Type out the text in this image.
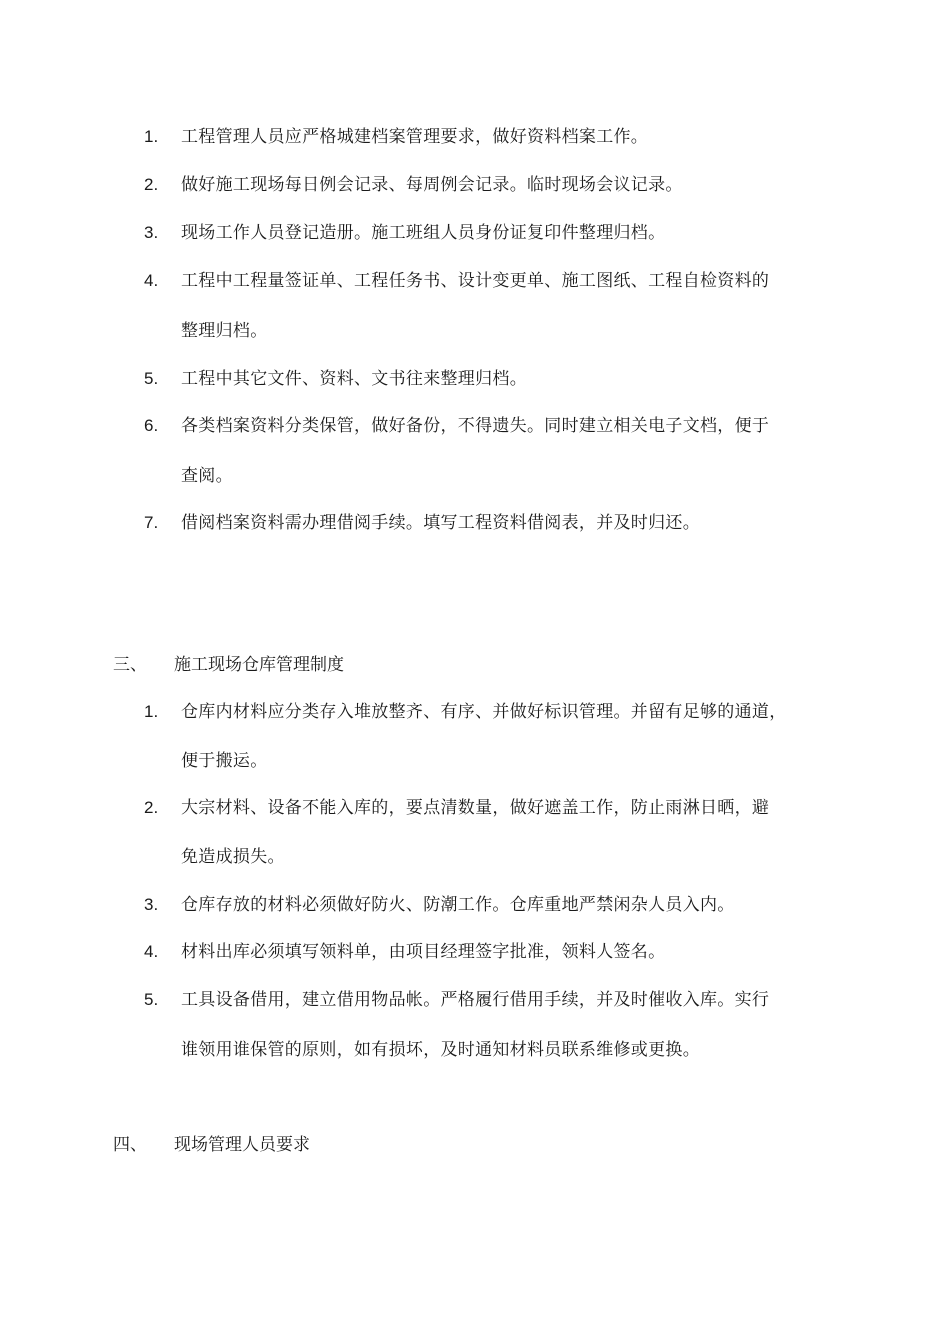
1. 工程管理人员应严格城建档案管理要求，做好资料档案工作。
2. 做好施工现场每日例会记录、每周例会记录。临时现场会议记录。
3. 现场工作人员登记造册。施工班组人员身份证复印件整理归档。
4. 工程中工程量签证单、工程任务书、设计变更单、施工图纸、工程自检资料的
整理归档。
5. 工程中其它文件、资料、文书往来整理归档。
6. 各类档案资料分类保管，做好备份，不得遗失。同时建立相关电子文档，便于
查阅。
7. 借阅档案资料需办理借阅手续。填写工程资料借阅表，并及时归还。
三、 施工现场仓库管理制度
1. 仓库内材料应分类存入堆放整齐、有序、并做好标识管理。并留有足够的通道，
便于搬运。
2. 大宗材料、设备不能入库的，要点清数量，做好遮盖工作，防止雨淋日晒，避
免造成损失。
3. 仓库存放的材料必须做好防火、防潮工作。仓库重地严禁闲杂人员入内。
4. 材料出库必须填写领料单，由项目经理签字批准，领料人签名。
5. 工具设备借用，建立借用物品帐。严格履行借用手续，并及时催收入库。实行
谁领用谁保管的原则，如有损坏，及时通知材料员联系维修或更换。
四、 现场管理人员要求
